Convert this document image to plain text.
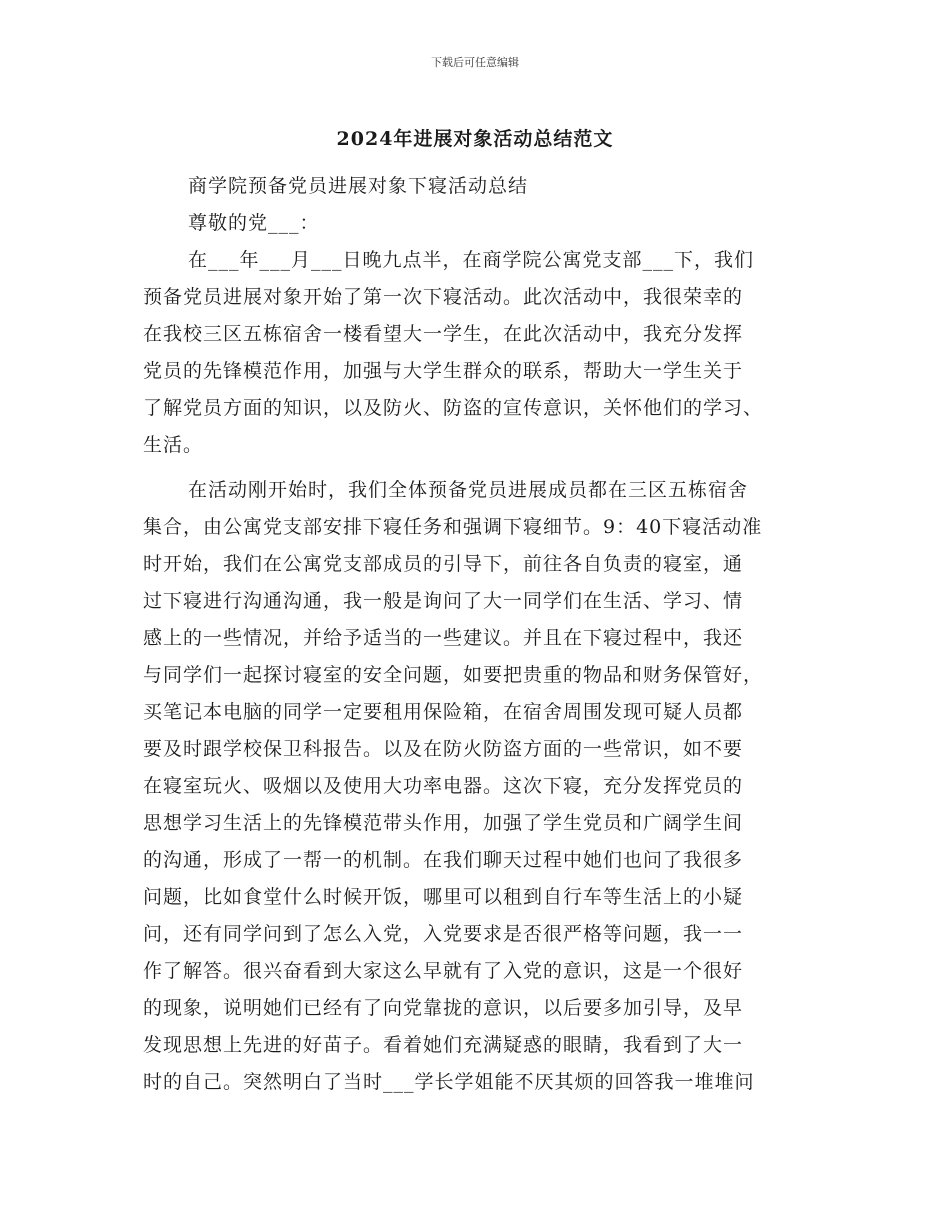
下载后可任意编辑
2024年进展对象活动总结范文
商学院预备党员进展对象下寝活动总结
尊敬的党___：
在___年___月___日晚九点半，在商学院公寓党支部___下，我们
预备党员进展对象开始了第一次下寝活动。此次活动中，我很荣幸的
在我校三区五栋宿舍一楼看望大一学生，在此次活动中，我充分发挥
党员的先锋模范作用，加强与大学生群众的联系，帮助大一学生关于
了解党员方面的知识，以及防火、防盗的宣传意识，关怀他们的学习、
生活。
在活动刚开始时，我们全体预备党员进展成员都在三区五栋宿舍
集合，由公寓党支部安排下寝任务和强调下寝细节。9：40下寝活动准
时开始，我们在公寓党支部成员的引导下，前往各自负责的寝室，通
过下寝进行沟通沟通，我一般是询问了大一同学们在生活、学习、情
感上的一些情况，并给予适当的一些建议。并且在下寝过程中，我还
与同学们一起探讨寝室的安全问题，如要把贵重的物品和财务保管好，
买笔记本电脑的同学一定要租用保险箱，在宿舍周围发现可疑人员都
要及时跟学校保卫科报告。以及在防火防盗方面的一些常识，如不要
在寝室玩火、吸烟以及使用大功率电器。这次下寝，充分发挥党员的
思想学习生活上的先锋模范带头作用，加强了学生党员和广阔学生间
的沟通，形成了一帮一的机制。在我们聊天过程中她们也问了我很多
问题，比如食堂什么时候开饭，哪里可以租到自行车等生活上的小疑
问，还有同学问到了怎么入党，入党要求是否很严格等问题，我一一
作了解答。很兴奋看到大家这么早就有了入党的意识，这是一个很好
的现象，说明她们已经有了向党靠拢的意识，以后要多加引导，及早
发现思想上先进的好苗子。看着她们充满疑惑的眼睛，我看到了大一
时的自己。突然明白了当时___学长学姐能不厌其烦的回答我一堆堆问
